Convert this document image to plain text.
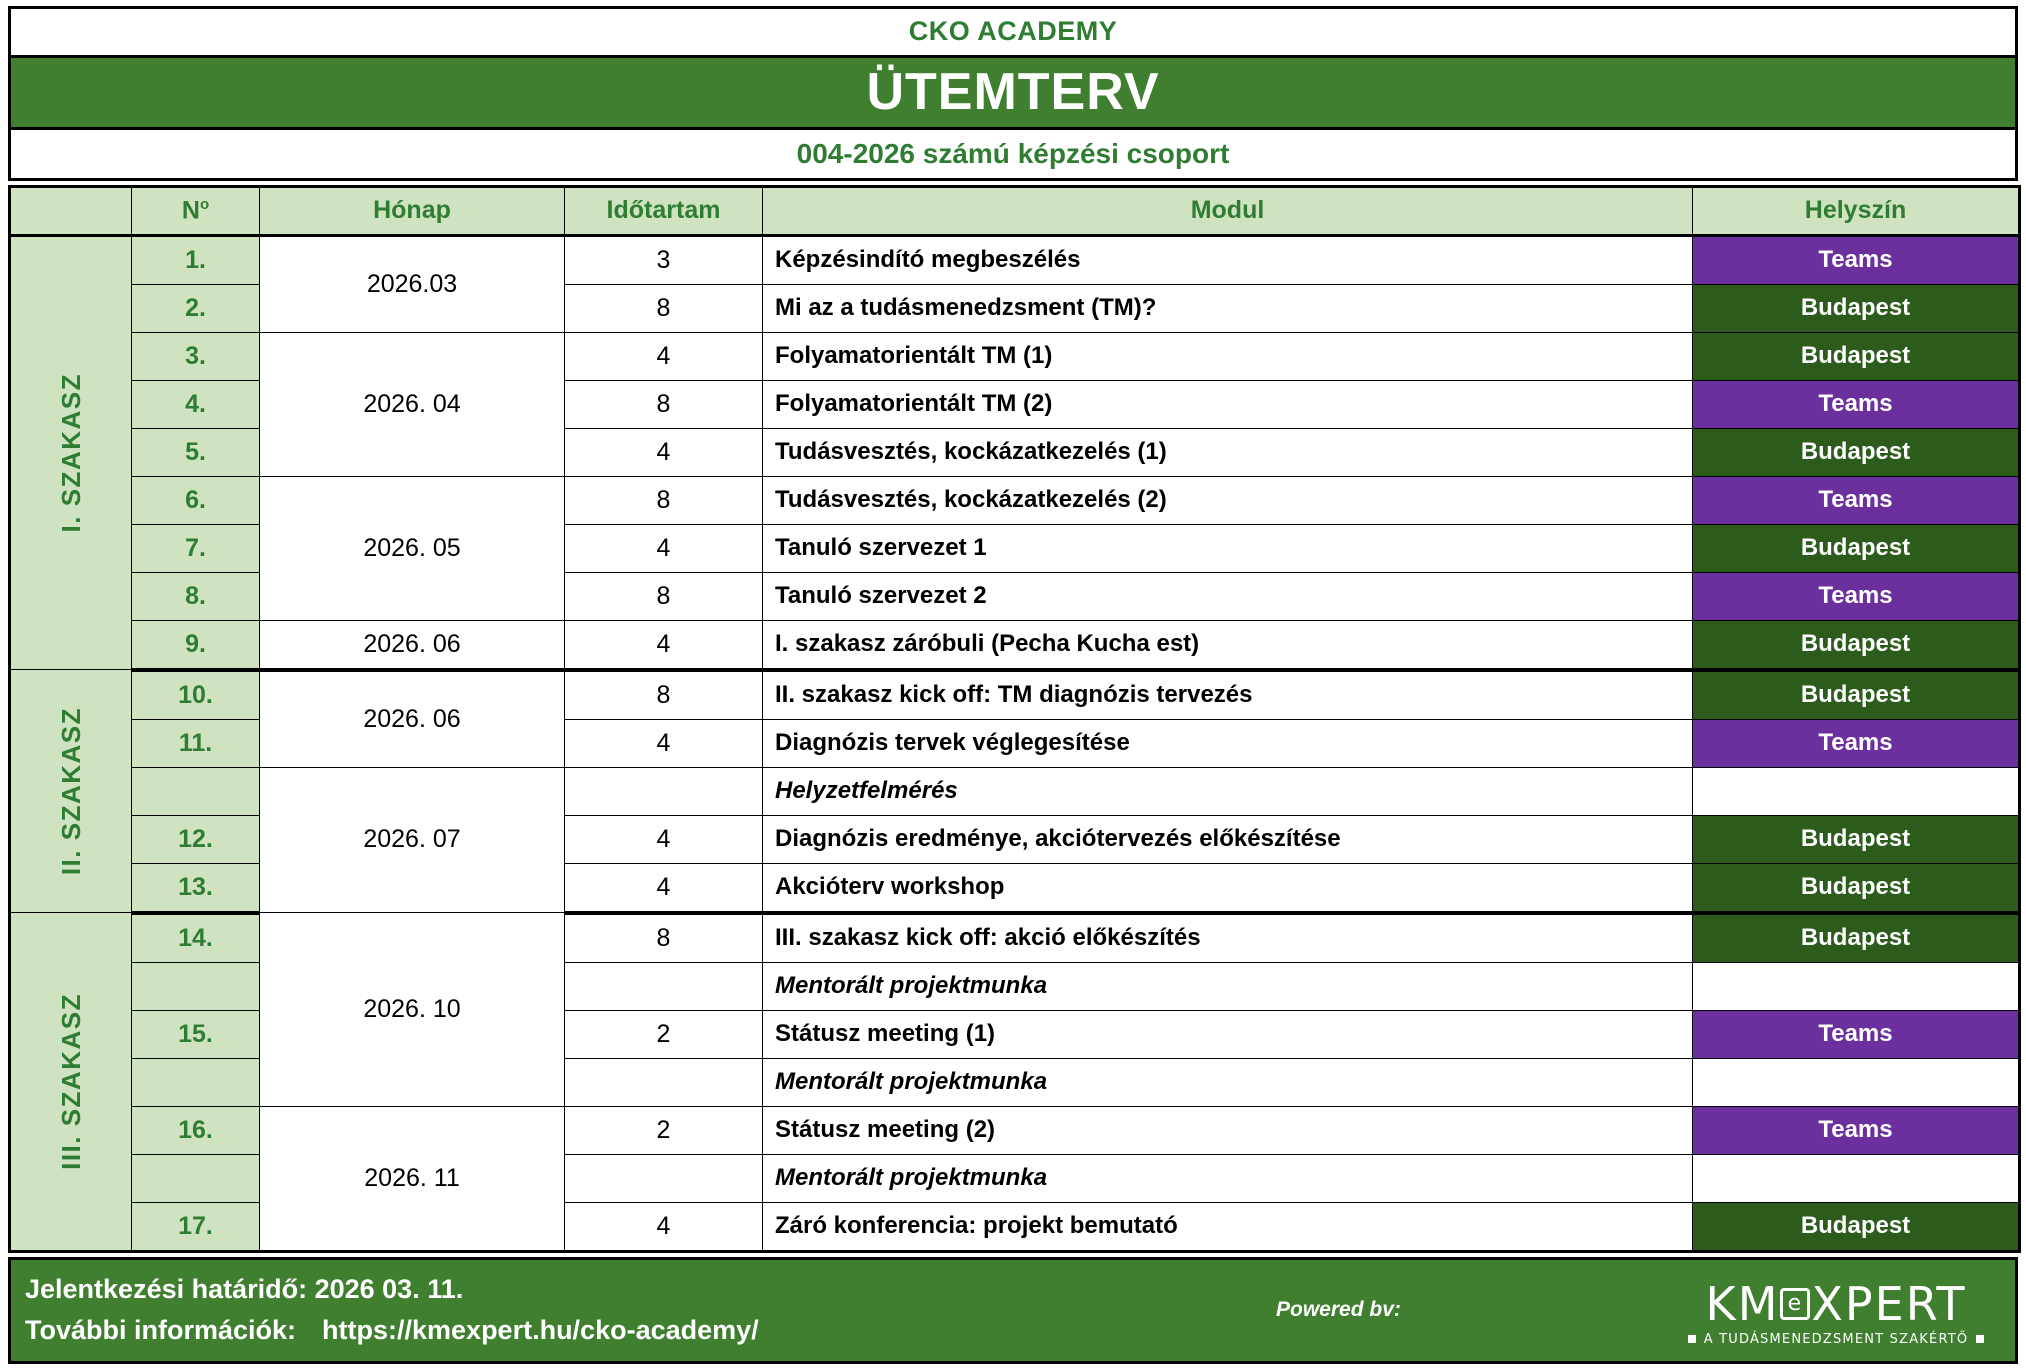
CKO ACADEMY
ÜTEMTERV
004-2026 számú képzési csoport
	$N^o$	Hónap	Időtartam	Modul	Helyszín

I. SZAKASZ	1.	2026.03	3	Képzésindító megbeszélés	Teams
	2.		8	Mi az a tudásmenedzsment (TM)?	Budapest
	3.	2026. 04	4	Folyamatorientált TM (1)	Budapest
	4.		8	Folyamatorientált TM (2)	Teams
	5.		4	Tudásvesztés, kockázatkezelés (1)	Budapest
	6.	2026. 05	8	Tudásvesztés, kockázatkezelés (2)	Teams
	7.		4	Tanuló szervezet 1	Budapest
	8.		8	Tanuló szervezet 2	Teams
	9.	2026. 06	4	I. szakasz záróbuli (Pecha Kucha est)	Budapest

II. SZAKASZ	10.	2026. 06	8	II. szakasz kick off: TM diagnózis tervezés	Budapest
	11.		4	Diagnózis tervek véglegesítése	Teams
		2026. 07		Helyzetfelmérés	
	12.		4	Diagnózis eredménye, akciótervezés előkészítése	Budapest
	13.		4	Akcióterv workshop	Budapest

III. SZAKASZ	14.	2026. 10	8	III. szakasz kick off: akció előkészítés	Budapest
				Mentorált projektmunka	
	15.		2	Státusz meeting (1)	Teams
				Mentorált projektmunka	
	16.	2026. 11	2	Státusz meeting (2)	Teams
				Mentorált projektmunka	
	17.		4	Záró konferencia: projekt bemutató	Budapest
Jelentkezési határidő: 2026 03. 11.
További információk: https://kmexpert.hu/cko-academy/
Powered bv:	KM e XPERT
A TUDÁSMENEDZSMENT SZAKÉRTŐ
